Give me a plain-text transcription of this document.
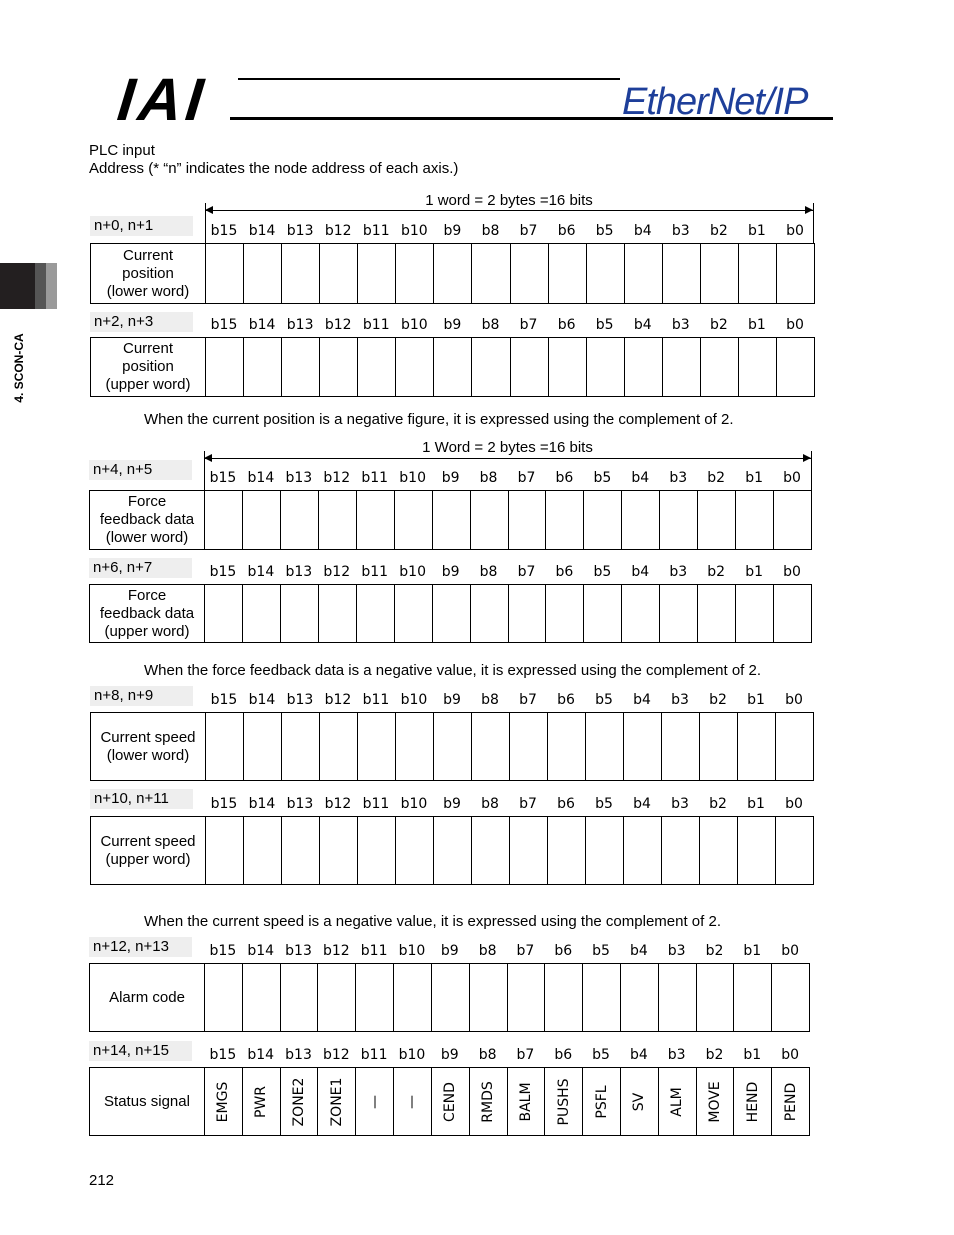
IAI	EtherNet/IP
4. SCON-CA
PLC input
Address (* “n” indicates the node address of each axis.)
1 word = 2 bytes =16 bits
n+0, n+1	b15 b14 b13 b12 b11 b10	b9	b8	b7	b6	b5	b4	b3	b2	b1	b0
Current
position
(lower word)

n+2, n+3	b15 b14 b13 b12 b11 b10	b9	b8	b7	b6	b5	b4	b3	b2	b1	b0
Current
position
(upper word)

When the current position is a negative figure, it is expressed using the complement of 2.
1 Word = 2 bytes =16 bits
n+4, n+5	b15 b14 b13 b12 b11 b10	b9	b8	b7	b6	b5	b4	b3	b2	b1	b0
Force
feedback data
(lower word)

n+6, n+7	b15 b14 b13 b12 b11 b10	b9	b8	b7	b6	b5	b4	b3	b2	b1	b0
Force
feedback data
(upper word)

When the force feedback data is a negative value, it is expressed using the complement of 2.
n+8, n+9	b15 b14 b13 b12 b11 b10	b9	b8	b7	b6	b5	b4	b3	b2	b1	b0
Current speed
(lower word)

n+10, n+11	b15 b14 b13 b12 b11 b10	b9	b8	b7	b6	b5	b4	b3	b2	b1	b0
Current speed
(upper word)

When the current speed is a negative value, it is expressed using the complement of 2.
n+12, n+13	b15 b14 b13 b12 b11 b10	b9	b8	b7	b6	b5	b4	b3	b2	b1	b0
Alarm code

n+14, n+15	b15 b14 b13 b12 b11 b10	b9	b8	b7	b6	b5	b4	b3	b2	b1	b0
Status signal	EMGS	PWR	ZONE2	ZONE1	—	—	CEND	RMDS	BALM	PUSHS	PSFL	SV	ALM	MOVE	HEND	PEND
212
